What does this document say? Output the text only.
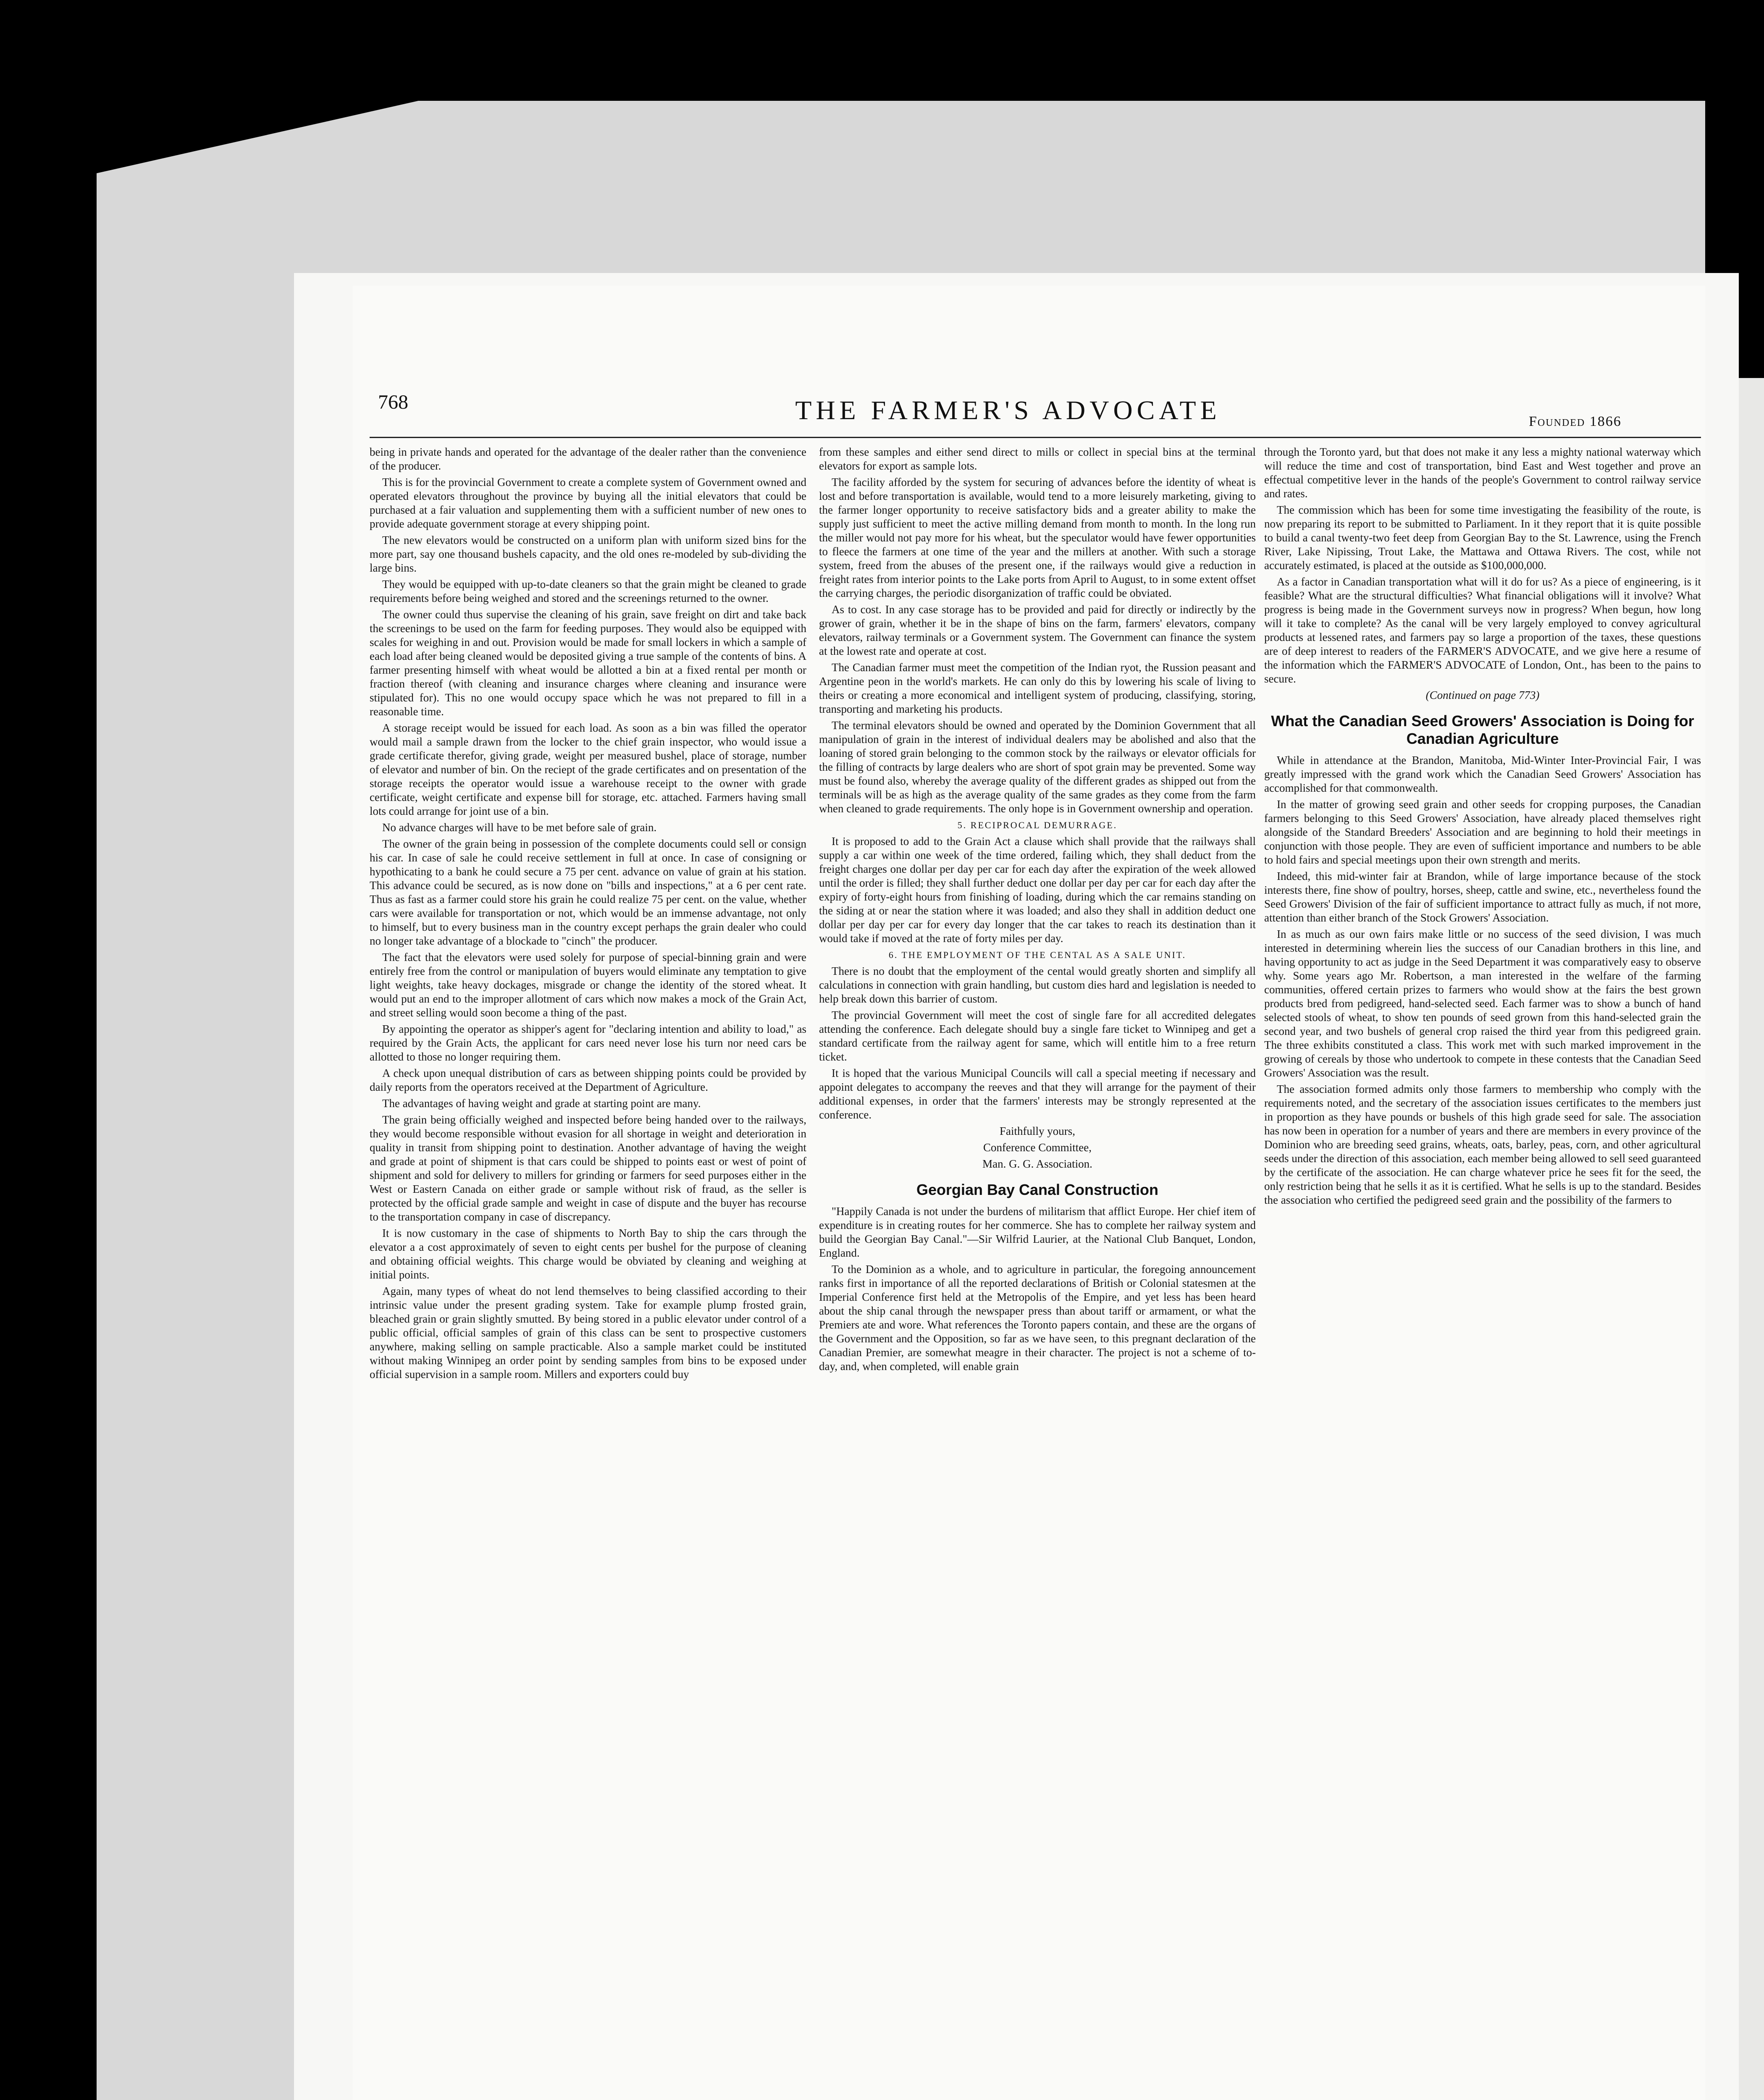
768	THE FARMER'S ADVOCATE	Founded 1866

being in private hands and operated for the advantage of the dealer rather than the convenience of the producer.

This is for the provincial Government to create a complete system of Government owned and operated elevators throughout the province by buying all the initial elevators that could be purchased at a fair valuation and supplementing them with a sufficient number of new ones to provide adequate government storage at every shipping point.

The new elevators would be constructed on a uniform plan with uniform sized bins for the more part, say one thousand bushels capacity, and the old ones re-modeled by sub-dividing the large bins.

They would be equipped with up-to-date cleaners so that the grain might be cleaned to grade requirements before being weighed and stored and the screenings returned to the owner.

The owner could thus supervise the cleaning of his grain, save freight on dirt and take back the screenings to be used on the farm for feeding purposes. They would also be equipped with scales for weighing in and out. Provision would be made for small lockers in which a sample of each load after being cleaned would be deposited giving a true sample of the contents of bins. A farmer presenting himself with wheat would be allotted a bin at a fixed rental per month or fraction thereof (with cleaning and insurance charges where cleaning and insurance were stipulated for). This no one would occupy space which he was not prepared to fill in a reasonable time.

A storage receipt would be issued for each load. As soon as a bin was filled the operator would mail a sample drawn from the locker to the chief grain inspector, who would issue a grade certificate therefor, giving grade, weight per measured bushel, place of storage, number of elevator and number of bin. On the reciept of the grade certificates and on presentation of the storage receipts the operator would issue a warehouse receipt to the owner with grade certificate, weight certificate and expense bill for storage, etc. attached. Farmers having small lots could arrange for joint use of a bin.

No advance charges will have to be met before sale of grain.

The owner of the grain being in possession of the complete documents could sell or consign his car. In case of sale he could receive settlement in full at once. In case of consigning or hypothicating to a bank he could secure a 75 per cent. advance on value of grain at his station. This advance could be secured, as is now done on "bills and inspections," at a 6 per cent rate. Thus as fast as a farmer could store his grain he could realize 75 per cent. on the value, whether cars were available for transportation or not, which would be an immense advantage, not only to himself, but to every business man in the country except perhaps the grain dealer who could no longer take advantage of a blockade to "cinch" the producer.

The fact that the elevators were used solely for purpose of special-binning grain and were entirely free from the control or manipulation of buyers would eliminate any temptation to give light weights, take heavy dockages, misgrade or change the identity of the stored wheat. It would put an end to the improper allotment of cars which now makes a mock of the Grain Act, and street selling would soon become a thing of the past.

By appointing the operator as shipper's agent for "declaring intention and ability to load," as required by the Grain Acts, the applicant for cars need never lose his turn nor need cars be allotted to those no longer requiring them.

A check upon unequal distribution of cars as between shipping points could be provided by daily reports from the operators received at the Department of Agriculture.

The advantages of having weight and grade at starting point are many.

The grain being officially weighed and inspected before being handed over to the railways, they would become responsible without evasion for all shortage in weight and deterioration in quality in transit from shipping point to destination. Another advantage of having the weight and grade at point of shipment is that cars could be shipped to points east or west of point of shipment and sold for delivery to millers for grinding or farmers for seed purposes either in the West or Eastern Canada on either grade or sample without risk of fraud, as the seller is protected by the official grade sample and weight in case of dispute and the buyer has recourse to the transportation company in case of discrepancy.

It is now customary in the case of shipments to North Bay to ship the cars through the elevator a a cost approximately of seven to eight cents per bushel for the purpose of cleaning and obtaining official weights. This charge would be obviated by cleaning and weighing at initial points.

Again, many types of wheat do not lend themselves to being classified according to their intrinsic value under the present grading system. Take for example plump frosted grain, bleached grain or grain slightly smutted. By being stored in a public elevator under control of a public official, official samples of grain of this class can be sent to prospective customers anywhere, making selling on sample practicable. Also a sample market could be instituted without making Winnipeg an order point by sending samples from bins to be exposed under official supervision in a sample room. Millers and exporters could buy

from these samples and either send direct to mills or collect in special bins at the terminal elevators for export as sample lots.

The facility afforded by the system for securing of advances before the identity of wheat is lost and before transportation is available, would tend to a more leisurely marketing, giving to the farmer longer opportunity to receive satisfactory bids and a greater ability to make the supply just sufficient to meet the active milling demand from month to month. In the long run the miller would not pay more for his wheat, but the speculator would have fewer opportunities to fleece the farmers at one time of the year and the millers at another. With such a storage system, freed from the abuses of the present one, if the railways would give a reduction in freight rates from interior points to the Lake ports from April to August, to in some extent offset the carrying charges, the periodic disorganization of traffic could be obviated.

As to cost. In any case storage has to be provided and paid for directly or indirectly by the grower of grain, whether it be in the shape of bins on the farm, farmers' elevators, company elevators, railway terminals or a Government system. The Government can finance the system at the lowest rate and operate at cost.

The Canadian farmer must meet the competition of the Indian ryot, the Russion peasant and Argentine peon in the world's markets. He can only do this by lowering his scale of living to theirs or creating a more economical and intelligent system of producing, classifying, storing, transporting and marketing his products.

The terminal elevators should be owned and operated by the Dominion Government that all manipulation of grain in the interest of individual dealers may be abolished and also that the loaning of stored grain belonging to the common stock by the railways or elevator officials for the filling of contracts by large dealers who are short of spot grain may be prevented. Some way must be found also, whereby the average quality of the different grades as shipped out from the terminals will be as high as the average quality of the same grades as they come from the farm when cleaned to grade requirements. The only hope is in Government ownership and operation.

5. RECIPROCAL DEMURRAGE.

It is proposed to add to the Grain Act a clause which shall provide that the railways shall supply a car within one week of the time ordered, failing which, they shall deduct from the freight charges one dollar per day per car for each day after the expiration of the week allowed until the order is filled; they shall further deduct one dollar per day per car for each day after the expiry of forty-eight hours from finishing of loading, during which the car remains standing on the siding at or near the station where it was loaded; and also they shall in addition deduct one dollar per day per car for every day longer that the car takes to reach its destination than it would take if moved at the rate of forty miles per day.

6. THE EMPLOYMENT OF THE CENTAL AS A SALE UNIT.

There is no doubt that the employment of the cental would greatly shorten and simplify all calculations in connection with grain handling, but custom dies hard and legislation is needed to help break down this barrier of custom.

The provincial Government will meet the cost of single fare for all accredited delegates attending the conference. Each delegate should buy a single fare ticket to Winnipeg and get a standard certificate from the railway agent for same, which will entitle him to a free return ticket.

It is hoped that the various Municipal Councils will call a special meeting if necessary and appoint delegates to accompany the reeves and that they will arrange for the payment of their additional expenses, in order that the farmers' interests may be strongly represented at the conference.

Faithfully yours,

Conference Committee,

Man. G. G. Association.

Georgian Bay Canal Construction

"Happily Canada is not under the burdens of militarism that afflict Europe. Her chief item of expenditure is in creating routes for her commerce. She has to complete her railway system and build the Georgian Bay Canal."—Sir Wilfrid Laurier, at the National Club Banquet, London, England.

To the Dominion as a whole, and to agriculture in particular, the foregoing announcement ranks first in importance of all the reported declarations of British or Colonial statesmen at the Imperial Conference first held at the Metropolis of the Empire, and yet less has been heard about the ship canal through the newspaper press than about tariff or armament, or what the Premiers ate and wore. What references the Toronto papers contain, and these are the organs of the Government and the Opposition, so far as we have seen, to this pregnant declaration of the Canadian Premier, are somewhat meagre in their character. The project is not a scheme of to-day, and, when completed, will enable grain

through the Toronto yard, but that does not make it any less a mighty national waterway which will reduce the time and cost of transportation, bind East and West together and prove an effectual competitive lever in the hands of the people's Government to control railway service and rates.

The commission which has been for some time investigating the feasibility of the route, is now preparing its report to be submitted to Parliament. In it they report that it is quite possible to build a canal twenty-two feet deep from Georgian Bay to the St. Lawrence, using the French River, Lake Nipissing, Trout Lake, the Mattawa and Ottawa Rivers. The cost, while not accurately estimated, is placed at the outside as $100,000,000.

As a factor in Canadian transportation what will it do for us? As a piece of engineering, is it feasible? What are the structural difficulties? What financial obligations will it involve? What progress is being made in the Government surveys now in progress? When begun, how long will it take to complete? As the canal will be very largely employed to convey agricultural products at lessened rates, and farmers pay so large a proportion of the taxes, these questions are of deep interest to readers of the FARMER'S ADVOCATE, and we give here a resume of the information which the FARMER'S ADVOCATE of London, Ont., has been to the pains to secure.

(Continued on page 773)

What the Canadian Seed Growers' Association is Doing for Canadian Agriculture

While in attendance at the Brandon, Manitoba, Mid-Winter Inter-Provincial Fair, I was greatly impressed with the grand work which the Canadian Seed Growers' Association has accomplished for that commonwealth.

In the matter of growing seed grain and other seeds for cropping purposes, the Canadian farmers belonging to this Seed Growers' Association, have already placed themselves right alongside of the Standard Breeders' Association and are beginning to hold their meetings in conjunction with those people. They are even of sufficient importance and numbers to be able to hold fairs and special meetings upon their own strength and merits.

Indeed, this mid-winter fair at Brandon, while of large importance because of the stock interests there, fine show of poultry, horses, sheep, cattle and swine, etc., nevertheless found the Seed Growers' Division of the fair of sufficient importance to attract fully as much, if not more, attention than either branch of the Stock Growers' Association.

In as much as our own fairs make little or no success of the seed division, I was much interested in determining wherein lies the success of our Canadian brothers in this line, and having opportunity to act as judge in the Seed Department it was comparatively easy to observe why. Some years ago Mr. Robertson, a man interested in the welfare of the farming communities, offered certain prizes to farmers who would show at the fairs the best grown products bred from pedigreed, hand-selected seed. Each farmer was to show a bunch of hand selected stools of wheat, to show ten pounds of seed grown from this hand-selected grain the second year, and two bushels of general crop raised the third year from this pedigreed grain. The three exhibits constituted a class. This work met with such marked improvement in the growing of cereals by those who undertook to compete in these contests that the Canadian Seed Growers' Association was the result.

The association formed admits only those farmers to membership who comply with the requirements noted, and the secretary of the association issues certificates to the members just in proportion as they have pounds or bushels of this high grade seed for sale. The association has now been in operation for a number of years and there are members in every province of the Dominion who are breeding seed grains, wheats, oats, barley, peas, corn, and other agricultural seeds under the direction of this association, each member being allowed to sell seed guaranteed by the certificate of the association. He can charge whatever price he sees fit for the seed, the only restriction being that he sells it as it is certified. What he sells is up to the standard. Besides the association who certified the pedigreed seed grain and the possibility of the farmers to
